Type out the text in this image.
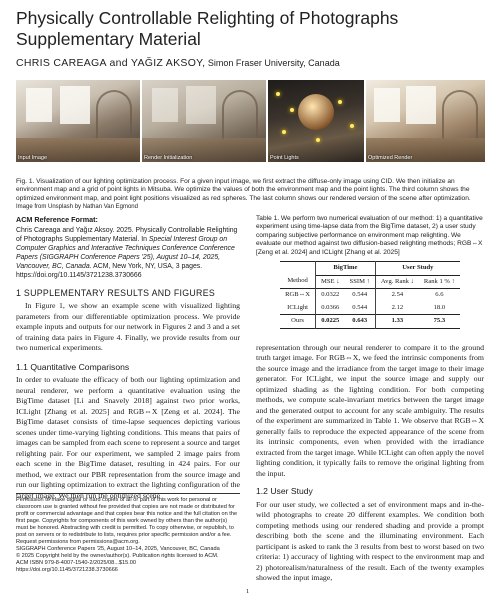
Physically Controllable Relighting of Photographs Supplementary Material
CHRIS CAREAGA and YAĞIZ AKSOY, Simon Fraser University, Canada
Input Image	Render Initialization	Point Lights	Optimized Render
Fig. 1. Visualization of our lighting optimization process. For a given input image, we first extract the diffuse-only image using CID. We then initialize an environment map and a grid of point lights in Mitsuba. We optimize the values of both the environment map and the point lights. The third column shows the optimized environment map, and point light positions visualized as red spheres. The last column shows our rendered version of the scene after optimization.
Image from Unsplash by Nathan Van Egmond
ACM Reference Format:
Chris Careaga and Yağız Aksoy. 2025. Physically Controllable Relighting of Photographs Supplementary Material. In Special Interest Group on Computer Graphics and Interactive Techniques Conference Conference Papers (SIGGRAPH Conference Papers '25), August 10–14, 2025, Vancouver, BC, Canada. ACM, New York, NY, USA, 3 pages. https://doi.org/10.1145/3721238.3730666
1 SUPPLEMENTARY RESULTS AND FIGURES
In Figure 1, we show an example scene with visualized lighting parameters from our differentiable optimization process. We provide example inputs and outputs for our network in Figures 2 and 3 and a set of training data pairs in Figure 4. Finally, we provide results from our two numerical experiments.
1.1 Quantitative Comparisons
In order to evaluate the efficacy of both our lighting optimization and neural renderer, we perform a quantitative evaluation using the BigTime dataset [Li and Snavely 2018] against two prior works, ICLight [Zhang et al. 2025] and RGB⇔X [Zeng et al. 2024]. The BigTime dataset consists of time-lapse sequences depicting various scenes under time-varying lighting conditions. This means that pairs of images can be sampled from each scene to represent a source and target relighting pair. For our experiment, we sampled 2 image pairs from each scene in the BigTime dataset, resulting in 424 pairs. For our method, we extract our PBR representation from the source image and run our lighting optimization to extract the lighting configuration of the target image. We then run the optimized scene
Permission to make digital or hard copies of all or part of this work for personal or classroom use is granted without fee provided that copies are not made or distributed for profit or commercial advantage and that copies bear this notice and the full citation on the first page. Copyrights for components of this work owned by others than the author(s) must be honored. Abstracting with credit is permitted. To copy otherwise, or republish, to post on servers or to redistribute to lists, requires prior specific permission and/or a fee. Request permissions from permissions@acm.org.
SIGGRAPH Conference Papers '25, August 10–14, 2025, Vancouver, BC, Canada
© 2025 Copyright held by the owner/author(s). Publication rights licensed to ACM.
ACM ISBN 979-8-4007-1540-2/2025/08...$15.00
https://doi.org/10.1145/3721238.3730666
Table 1. We perform two numerical evaluation of our method: 1) a quantitative experiment using time-lapse data from the BigTime dataset, 2) a user study comparing subjective performance on environment map relighting. We evaluate our method against two diffusion-based relighting methods; RGB⇔X [Zeng et al. 2024] and ICLight [Zhang et al. 2025]
	BigTime		User Study	
Method	MSE ↓	SSIM ↑	Avg. Rank ↓	Rank 1 % ↑
RGB⇔X	0.0322	0.544	2.54	6.6
ICLight	0.0366	0.544	2.12	18.0
Ours	0.0225	0.643	1.33	75.3
representation through our neural renderer to compare it to the ground truth target image. For RGB⇔X, we feed the intrinsic components from the source image and the irradiance from the target image to their image generator. For ICLight, we input the source image and supply our optimized shading as the lighting condition. For both competing methods, we compute scale-invariant metrics between the target image and the generated output to account for any scale ambiguity. The results of the experiment are summarized in Table 1. We observe that RGB⇔X generally fails to reproduce the expected appearance of the scene from its intrinsic components, even when provided with the irradiance extracted from the target image. While ICLight can often apply the novel lighting condition, it typically fails to remove the original lighting from the input.
1.2 User Study
For our user study, we collected a set of environment maps and in-the-wild photographs to create 20 different examples. We condition both competing methods using our rendered shading and provide a prompt describing both the scene and the illuminating environment. Each participant is asked to rank the 3 results from best to worst based on two criteria: 1) accuracy of lighting with respect to the environment map and 2) photorealism/naturalness of the result. Each of the twenty examples showed the input image,
1
